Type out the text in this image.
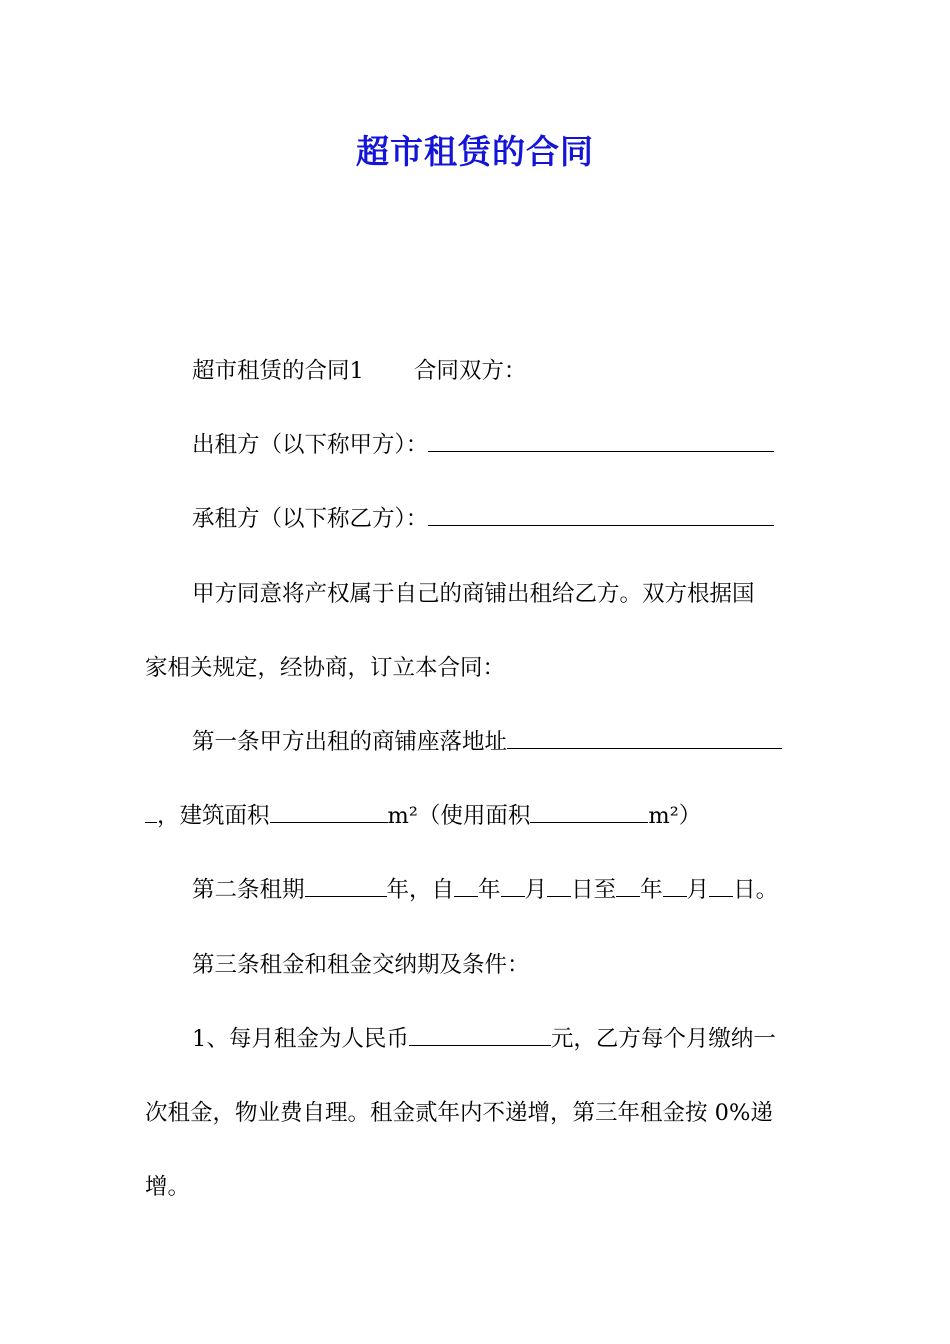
超市租赁的合同

超市租赁的合同1 合同双方：

出租方（以下称甲方）：

承租方（以下称乙方）：

甲方同意将产权属于自己的商铺出租给乙方。双方根据国

家相关规定，经协商，订立本合同：

第一条甲方出租的商铺座落地址

，建筑面积	m²（使用面积	m²）

第二条租期	年，自 年 月 日至 年 月 日。

第三条租金和租金交纳期及条件：

1、每月租金为人民币	元，乙方每个月缴纳一

次租金，物业费自理。租金贰年内不递增，第三年租金按 0%递

增。
